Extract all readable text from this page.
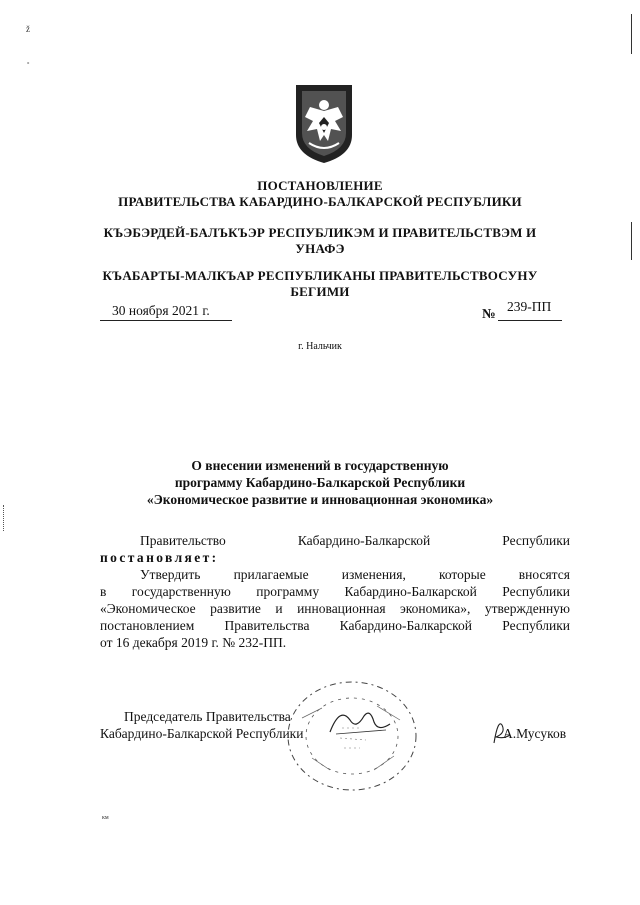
ž
°
км
ПОСТАНОВЛЕНИЕ
ПРАВИТЕЛЬСТВА КАБАРДИНО-БАЛКАРСКОЙ РЕСПУБЛИКИ
КЪЭБЭРДЕЙ-БАЛЪКЪЭР РЕСПУБЛИКЭМ И ПРАВИТЕЛЬСТВЭМ И
УНАФЭ
КЪАБАРТЫ-МАЛКЪАР РЕСПУБЛИКАНЫ ПРАВИТЕЛЬСТВОСУНУ
БЕГИМИ
30 ноября 2021 г.	№ 239-ПП
г. Нальчик
О внесении изменений в государственную
программу Кабардино-Балкарской Республики
«Экономическое развитие и инновационная экономика»
Правительство	Кабардино-Балкарской	Республики
постановляет:
Утвердить прилагаемые изменения, которые вносятся
в государственную программу Кабардино-Балкарской Республики
«Экономическое развитие и инновационная экономика», утвержденную
постановлением Правительства Кабардино-Балкарской Республики
от 16 декабря 2019 г. № 232-ПП.
Председатель Правительства
Кабардино-Балкарской Республики	А.Мусуков
